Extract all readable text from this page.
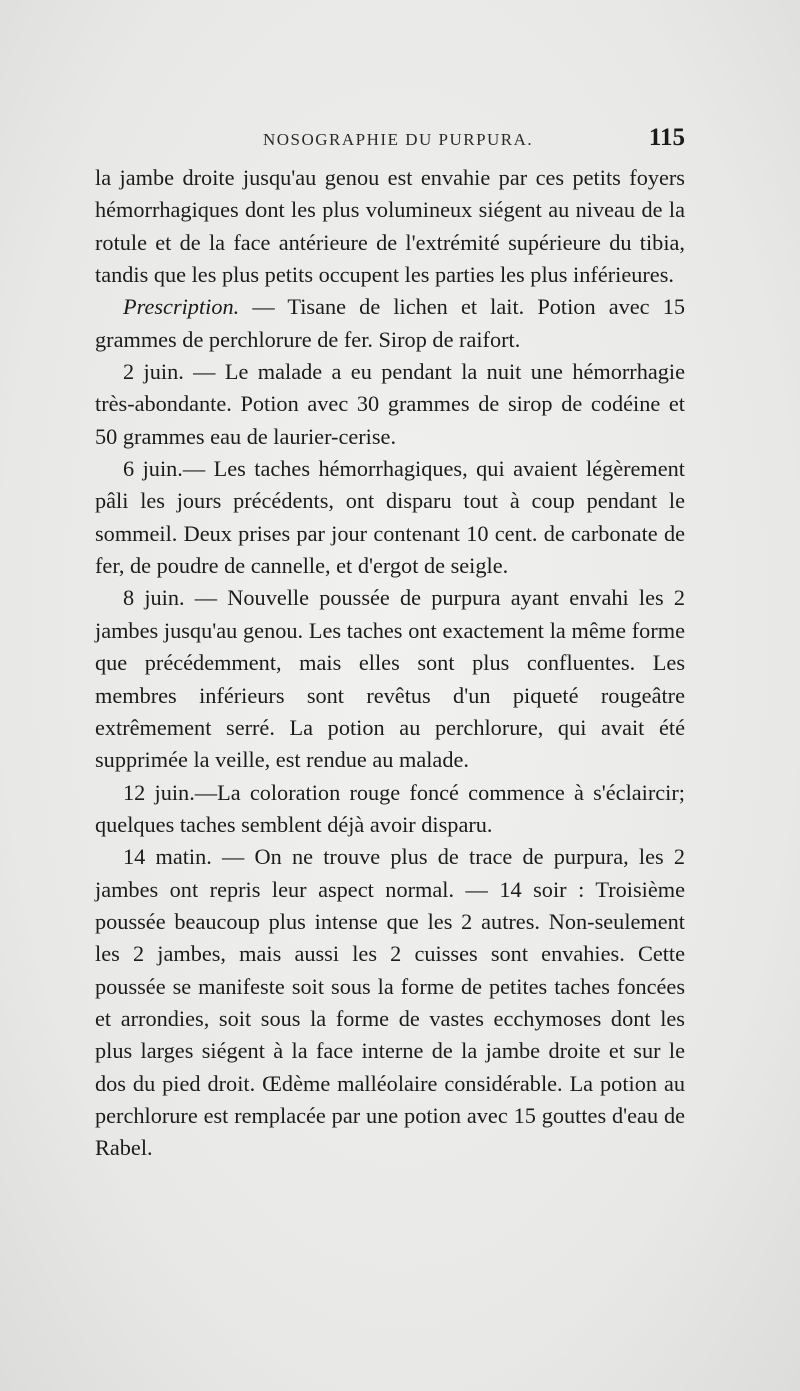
NOSOGRAPHIE DU PURPURA.	115

la jambe droite jusqu'au genou est envahie par ces petits foyers hémorrhagiques dont les plus volumineux siégent au niveau de la rotule et de la face antérieure de l'extrémité supérieure du tibia, tandis que les plus petits occupent les parties les plus inférieures.

Prescription. — Tisane de lichen et lait. Potion avec 15 grammes de perchlorure de fer. Sirop de raifort.

2 juin. — Le malade a eu pendant la nuit une hémorrhagie très-abondante. Potion avec 30 grammes de sirop de codéine et 50 grammes eau de laurier-cerise.

6 juin.— Les taches hémorrhagiques, qui avaient légèrement pâli les jours précédents, ont disparu tout à coup pendant le sommeil. Deux prises par jour contenant 10 cent. de carbonate de fer, de poudre de cannelle, et d'ergot de seigle.

8 juin. — Nouvelle poussée de purpura ayant envahi les 2 jambes jusqu'au genou. Les taches ont exactement la même forme que précédemment, mais elles sont plus confluentes. Les membres inférieurs sont revêtus d'un piqueté rougeâtre extrêmement serré. La potion au perchlorure, qui avait été supprimée la veille, est rendue au malade.

12 juin.—La coloration rouge foncé commence à s'éclaircir; quelques taches semblent déjà avoir disparu.

14 matin. — On ne trouve plus de trace de purpura, les 2 jambes ont repris leur aspect normal. — 14 soir : Troisième poussée beaucoup plus intense que les 2 autres. Non-seulement les 2 jambes, mais aussi les 2 cuisses sont envahies. Cette poussée se manifeste soit sous la forme de petites taches foncées et arrondies, soit sous la forme de vastes ecchymoses dont les plus larges siégent à la face interne de la jambe droite et sur le dos du pied droit. Œdème malléolaire considérable. La potion au perchlorure est remplacée par une potion avec 15 gouttes d'eau de Rabel.
